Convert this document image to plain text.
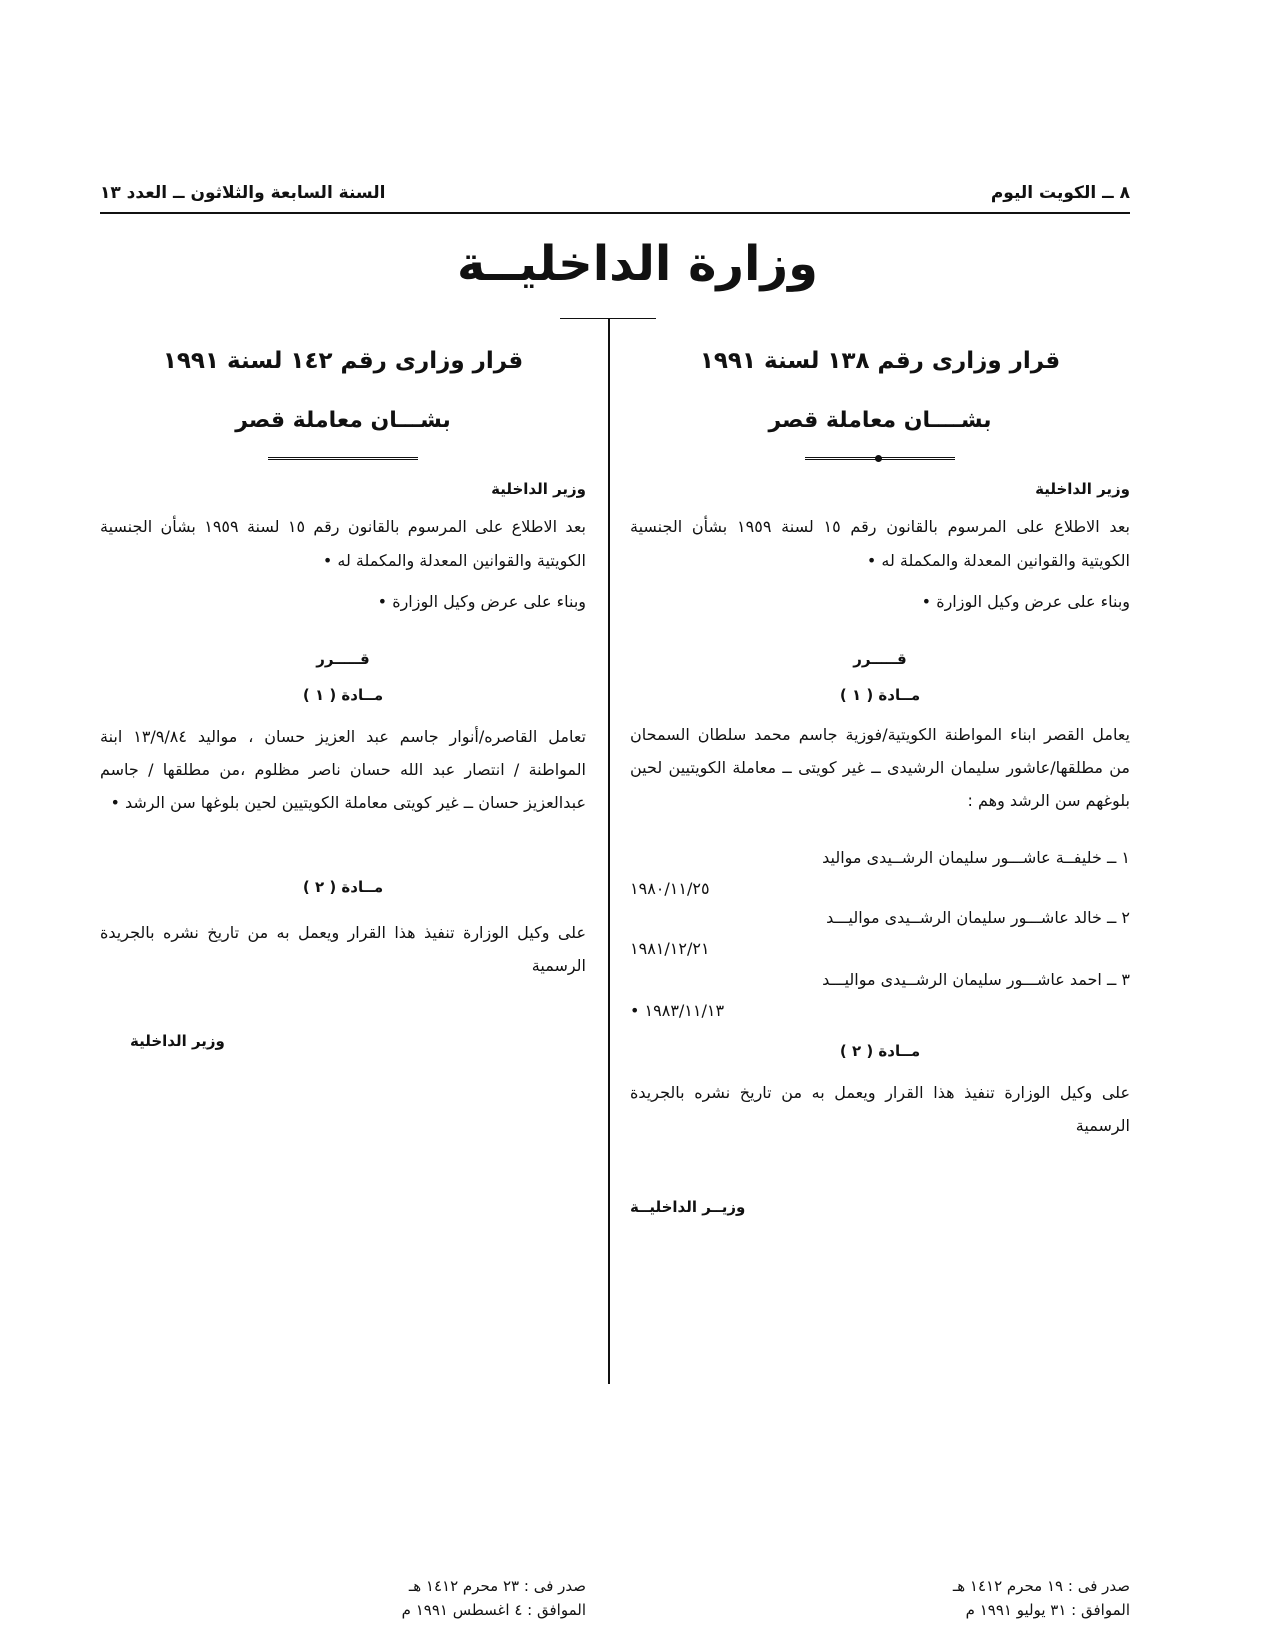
٨ ــ الكويت اليوم
السنة السابعة والثلاثون ــ العدد ١٣
وزارة الداخليــة
قرار وزارى رقم ١٣٨ لسنة ١٩٩١
بشــــان معاملة قصر
وزير الداخلية
بعد الاطلاع على المرسوم بالقانون رقم ١٥ لسنة ١٩٥٩ بشأن الجنسية الكويتية والقوانين المعدلة والمكملة له •
وبناء على عرض وكيل الوزارة •
قـــــرر
مــادة ( ١ )
يعامل القصر ابناء المواطنة الكويتية/فوزية جاسم محمد سلطان السمحان من مطلقها/عاشور سليمان الرشيدى ــ غير كويتى ــ معاملة الكويتيين لحين بلوغهم سن الرشد وهم :
١ ــ خليفــة عاشـــور سليمان الرشــيدى مواليد
١٩٨٠/١١/٢٥
٢ ــ خالد عاشـــور سليمان الرشــيدى مواليـــد
١٩٨١/١٢/٢١
٣ ــ احمد عاشـــور سليمان الرشــيدى مواليـــد
١٩٨٣/١١/١٣ •
مــادة ( ٢ )
على وكيل الوزارة تنفيذ هذا القرار ويعمل به من تاريخ نشره بالجريدة الرسمية
وزيــر الداخليــة
صدر فى : ١٩ محرم ١٤١٢ هـ
الموافق : ٣١ يوليو ١٩٩١ م
قرار وزارى رقم ١٤٢ لسنة ١٩٩١
بشـــان معاملة قصر
وزير الداخلية
بعد الاطلاع على المرسوم بالقانون رقم ١٥ لسنة ١٩٥٩ بشأن الجنسية الكويتية والقوانين المعدلة والمكملة له •
وبناء على عرض وكيل الوزارة •
قـــــرر
مــادة ( ١ )
تعامل القاصره/أنوار جاسم عبد العزيز حسان ، مواليد ١٣/٩/٨٤ ابنة المواطنة / انتصار عبد الله حسان ناصر مظلوم ،من مطلقها / جاسم عبدالعزيز حسان ــ غير كويتى معاملة الكويتيين لحين بلوغها سن الرشد •
مــادة ( ٢ )
على وكيل الوزارة تنفيذ هذا القرار ويعمل به من تاريخ نشره بالجريدة الرسمية
وزير الداخلية
صدر فى : ٢٣ محرم ١٤١٢ هـ
الموافق : ٤ اغسطس ١٩٩١ م
